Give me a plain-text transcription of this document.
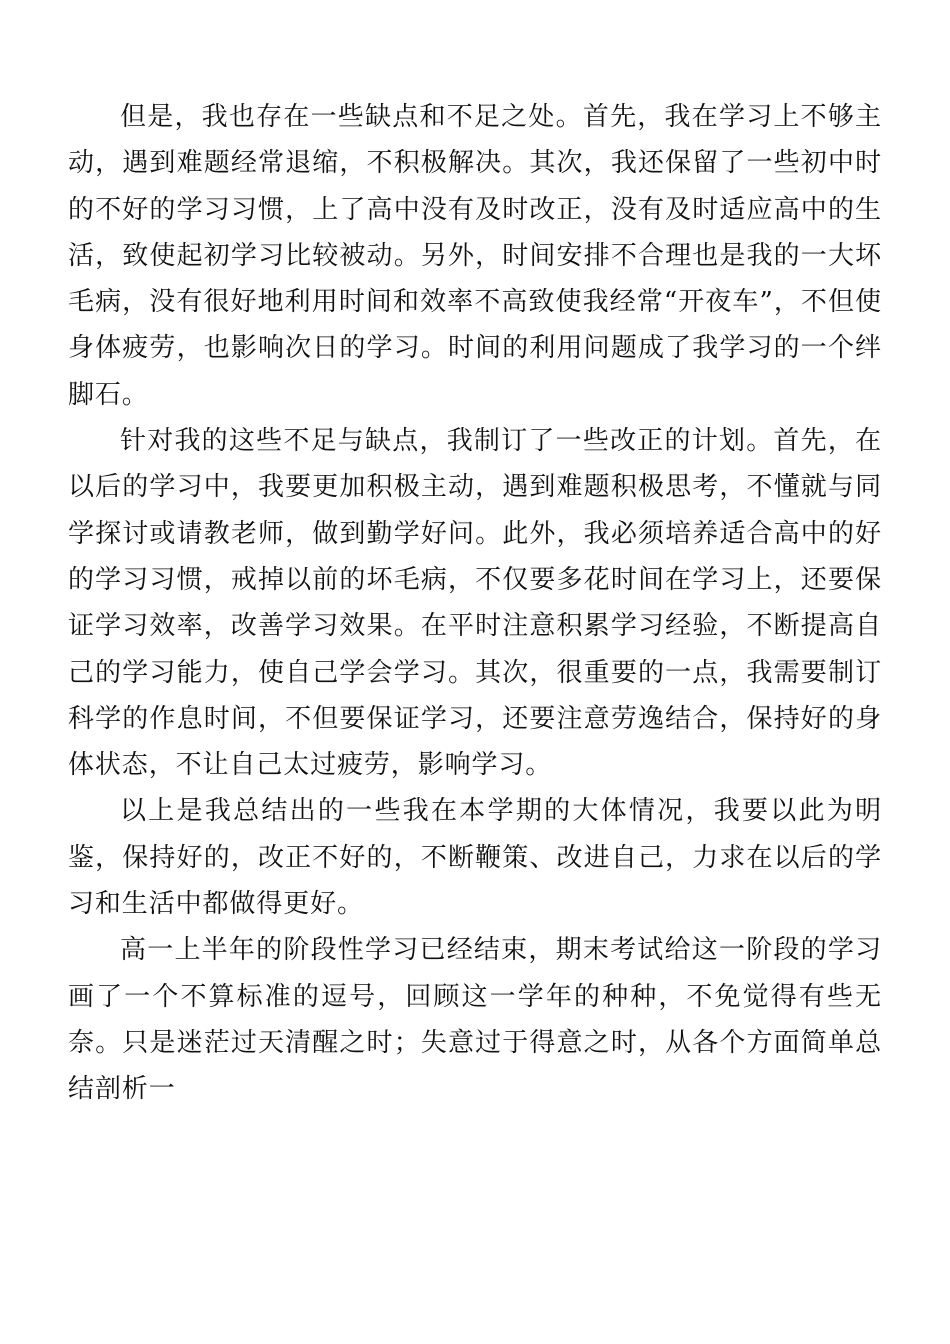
但是，我也存在一些缺点和不足之处。首先，我在学习上不够主动，遇到难题经常退缩，不积极解决。其次，我还保留了一些初中时的不好的学习习惯，上了高中没有及时改正，没有及时适应高中的生活，致使起初学习比较被动。另外，时间安排不合理也是我的一大坏毛病，没有很好地利用时间和效率不高致使我经常“开夜车”，不但使身体疲劳，也影响次日的学习。时间的利用问题成了我学习的一个绊脚石。

针对我的这些不足与缺点，我制订了一些改正的计划。首先，在以后的学习中，我要更加积极主动，遇到难题积极思考，不懂就与同学探讨或请教老师，做到勤学好问。此外，我必须培养适合高中的好的学习习惯，戒掉以前的坏毛病，不仅要多花时间在学习上，还要保证学习效率，改善学习效果。在平时注意积累学习经验，不断提高自己的学习能力，使自己学会学习。其次，很重要的一点，我需要制订科学的作息时间，不但要保证学习，还要注意劳逸结合，保持好的身体状态，不让自己太过疲劳，影响学习。

以上是我总结出的一些我在本学期的大体情况，我要以此为明鉴，保持好的，改正不好的，不断鞭策、改进自己，力求在以后的学习和生活中都做得更好。

高一上半年的阶段性学习已经结束，期末考试给这一阶段的学习画了一个不算标准的逗号，回顾这一学年的种种，不免觉得有些无奈。只是迷茫过天清醒之时；失意过于得意之时，从各个方面简单总结剖析一
